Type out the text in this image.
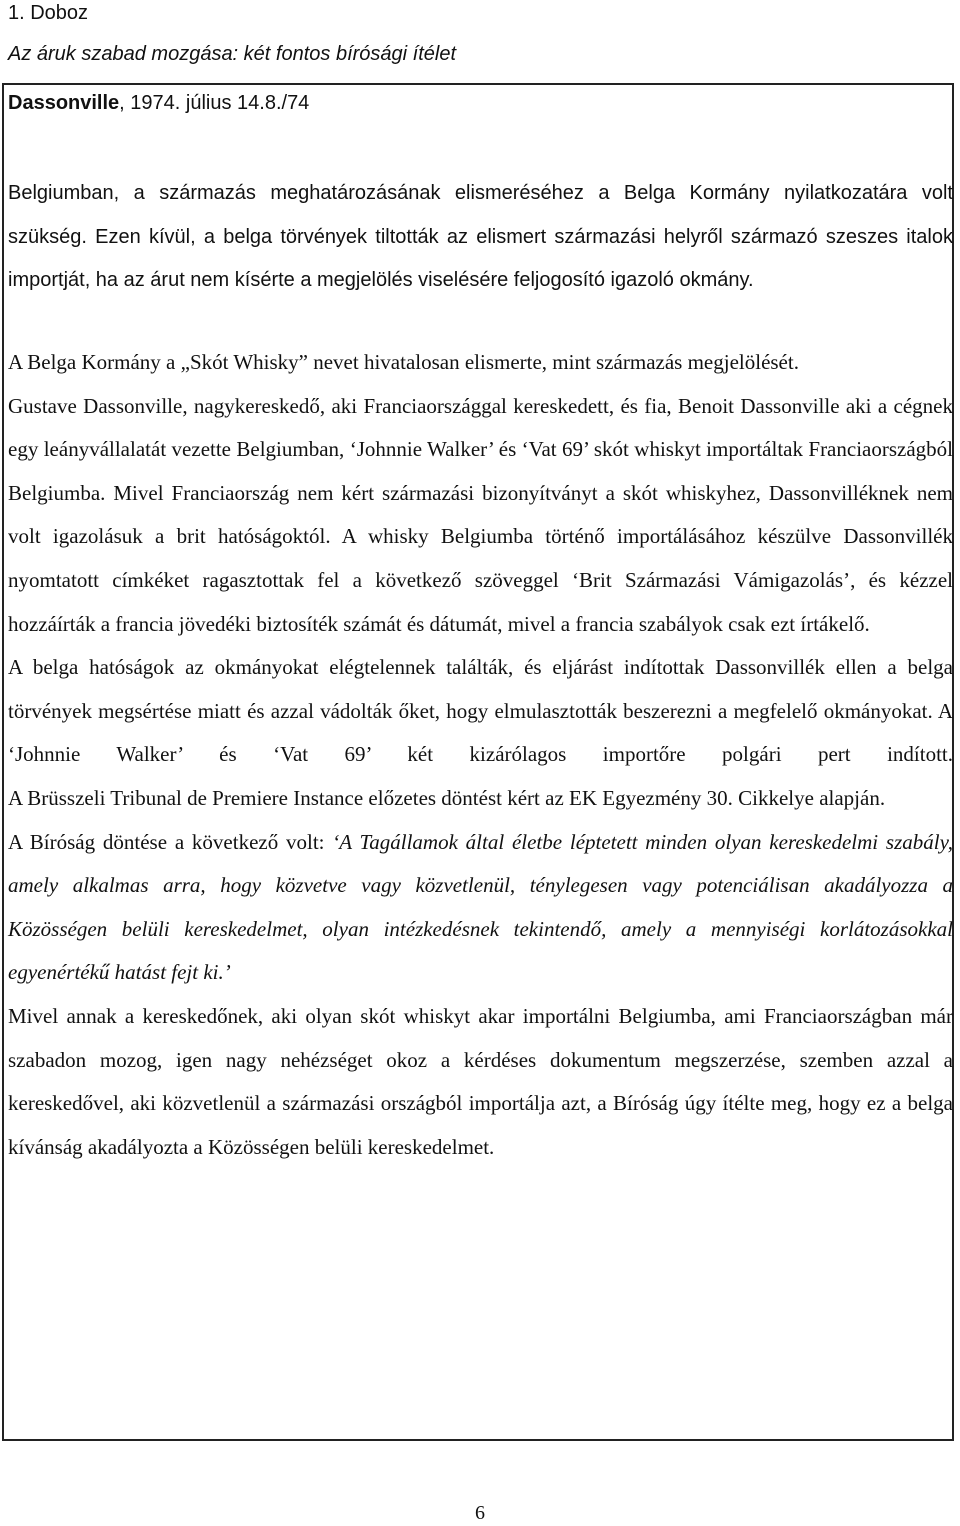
1. Doboz
Az áruk szabad mozgása: két fontos bírósági ítélet
Dassonville, 1974. július 14.8./74

Belgiumban, a származás meghatározásának elismeréséhez a Belga Kormány nyilatkozatára volt szükség. Ezen kívül, a belga törvények tiltották az elismert származási helyről származó szeszes italok importját, ha az árut nem kísérte a megjelölés viselésére feljogosító igazoló okmány.

A Belga Kormány a „Skót Whisky” nevet hivatalosan elismerte, mint származás megjelölését.

Gustave Dassonville, nagykereskedő, aki Franciaországgal kereskedett, és fia, Benoit Dassonville aki a cégnek egy leányvállalatát vezette Belgiumban, ‘Johnnie Walker’ és ‘Vat 69’ skót whiskyt importáltak Franciaországból Belgiumba. Mivel Franciaország nem kért származási bizonyítványt a skót whiskyhez, Dassonvilléknek nem volt igazolásuk a brit hatóságoktól. A whisky Belgiumba történő importálásához készülve Dassonvillék nyomtatott címkéket ragasztottak fel a következő szöveggel ‘Brit Származási Vámigazolás’, és kézzel hozzáírták a francia jövedéki biztosíték számát és dátumát, mivel a francia szabályok csak ezt írtákelő.

A belga hatóságok az okmányokat elégtelennek találták, és eljárást indítottak Dassonvillék ellen a belga törvények megsértése miatt és azzal vádolták őket, hogy elmulasztották beszerezni a megfelelő okmányokat. A ‘Johnnie Walker’ és ‘Vat 69’ két kizárólagos importőre polgári pert indított.

A Brüsszeli Tribunal de Premiere Instance előzetes döntést kért az EK Egyezmény 30. Cikkelye alapján.

A Bíróság döntése a következő volt: ‘A Tagállamok által életbe léptetett minden olyan kereskedelmi szabály, amely alkalmas arra, hogy közvetve vagy közvetlenül, ténylegesen vagy potenciálisan akadályozza a Közösségen belüli kereskedelmet, olyan intézkedésnek tekintendő, amely a mennyiségi korlátozásokkal egyenértékű hatást fejt ki.’

Mivel annak a kereskedőnek, aki olyan skót whiskyt akar importálni Belgiumba, ami Franciaországban már szabadon mozog, igen nagy nehézséget okoz a kérdéses dokumentum megszerzése, szemben azzal a kereskedővel, aki közvetlenül a származási országból importálja azt, a Bíróság úgy ítélte meg, hogy ez a belga kívánság akadályozta a Közösségen belüli kereskedelmet.

6
